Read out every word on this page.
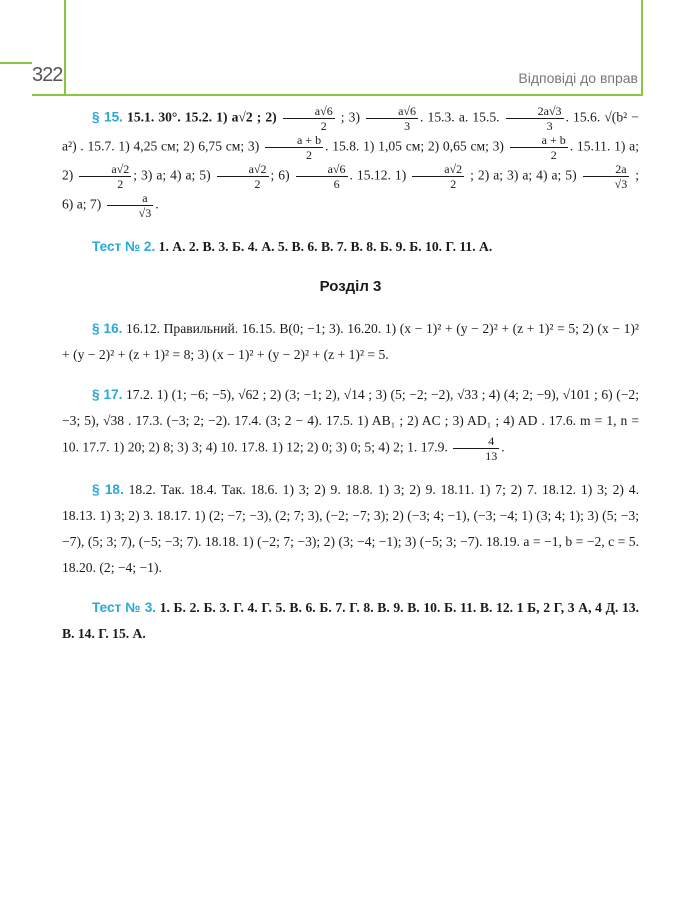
322	Відповіді до вправ

§ 15. 15.1. 30°. 15.2. 1) a√2 ; $2) \frac{a√6}{2}$ ; $3) \frac{a√6}{3}$ . 15.3. a. 15.5. $\frac{2a√3}{3}$ . 15.6. √(b² − a²) . 15.7. 1) 4,25 см; 2) 6,75 см; $3) \frac{a + b}{2}$ . 15.8. 1) 1,05 см; 2) 0,65 см; $3) \frac{a + b}{2}$ . 15.11. 1) a; $2) \frac{a√2}{2}$ ; 3) a; 4) a; $5) \frac{a√2}{2}$ ; $6) \frac{a√6}{6}$ . 15.12. $1) \frac{a√2}{2}$ ; 2) a; 3) a; 4) a; $5) \frac{2a}{√3}$ ; 6) a; $7) \frac{a}{√3}$ .

Тест № 2. 1. А. 2. В. 3. Б. 4. А. 5. В. 6. В. 7. В. 8. Б. 9. Б. 10. Г. 11. А.

Розділ 3

§ 16. 16.12. Правильний. 16.15. B(0; −1; 3). 16.20. 1) (x − 1)² + (y − 2)² + (z + 1)² = 5; 2) (x − 1)² + (y − 2)² + (z + 1)² = 8; 3) (x − 1)² + (y − 2)² + (z + 1)² = 5.

§ 17. 17.2. 1) (1; −6; −5), √62 ; 2) (3; −1; 2), √14 ; 3) (5; −2; −2), √33 ; 4) (4; 2; −9), √101 ; 6) (−2; −3; 5), √38 . 17.3. (−3; 2; −2). 17.4. (3; 2 − 4). 17.5. 1) AB₁ ; 2) AC ; 3) AD₁ ; 4) AD . 17.6. m = 1, n = 10. 17.7. 1) 20; 2) 8; 3) 3; 4) 10. 17.8. 1) 12; 2) 0; 3) 0; 5; 4) 2; 1. 17.9. $\frac{4}{13}$ .

§ 18. 18.2. Так. 18.4. Так. 18.6. 1) 3; 2) 9. 18.8. 1) 3; 2) 9. 18.11. 1) 7; 2) 7. 18.12. 1) 3; 2) 4. 18.13. 1) 3; 2) 3. 18.17. 1) (2; −7; −3), (2; 7; 3), (−2; −7; 3); 2) (−3; 4; −1), (−3; −4; 1) (3; 4; 1); 3) (5; −3; −7), (5; 3; 7), (−5; −3; 7). 18.18. 1) (−2; 7; −3); 2) (3; −4; −1); 3) (−5; 3; −7). 18.19. a = −1, b = −2, c = 5. 18.20. (2; −4; −1).

Тест № 3. 1. Б. 2. Б. 3. Г. 4. Г. 5. В. 6. Б. 7. Г. 8. В. 9. В. 10. Б. 11. В. 12. 1 Б, 2 Г, 3 А, 4 Д. 13. В. 14. Г. 15. А.
